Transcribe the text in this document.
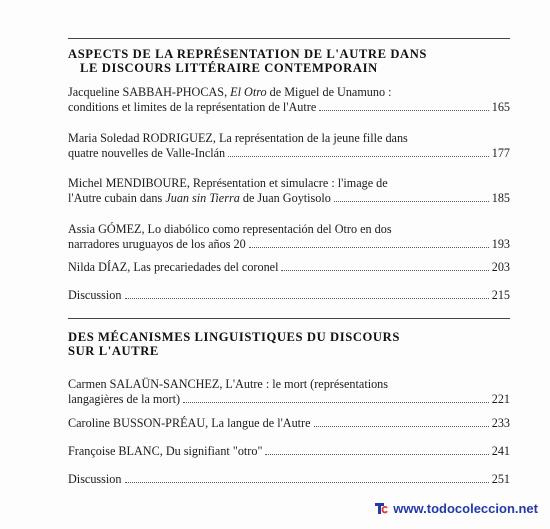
ASPECTS DE LA REPRÉSENTATION DE L'AUTRE DANS
LE DISCOURS LITTÉRAIRE CONTEMPORAIN
Jacqueline SABBAH-PHOCAS, El Otro de Miguel de Unamuno :
conditions et limites de la représentation de l'Autre	165
Maria Soledad RODRIGUEZ, La représentation de la jeune fille dans
quatre nouvelles de Valle-Inclán	177
Michel MENDIBOURE, Représentation et simulacre : l'image de
l'Autre cubain dans Juan sin Tierra de Juan Goytisolo	185
Assia GÓMEZ, Lo diabólico como representación del Otro en dos
narradores uruguayos de los años 20	193
Nilda DÍAZ, Las precariedades del coronel	203
Discussion	215
DES MÉCANISMES LINGUISTIQUES DU DISCOURS
SUR L'AUTRE
Carmen SALAÜN-SANCHEZ, L'Autre : le mort (représentations
langagières de la mort)	221
Caroline BUSSON-PRÉAU, La langue de l'Autre	233
Françoise BLANC, Du signifiant "otro"	241
Discussion	251
www.todocoleccion.net
